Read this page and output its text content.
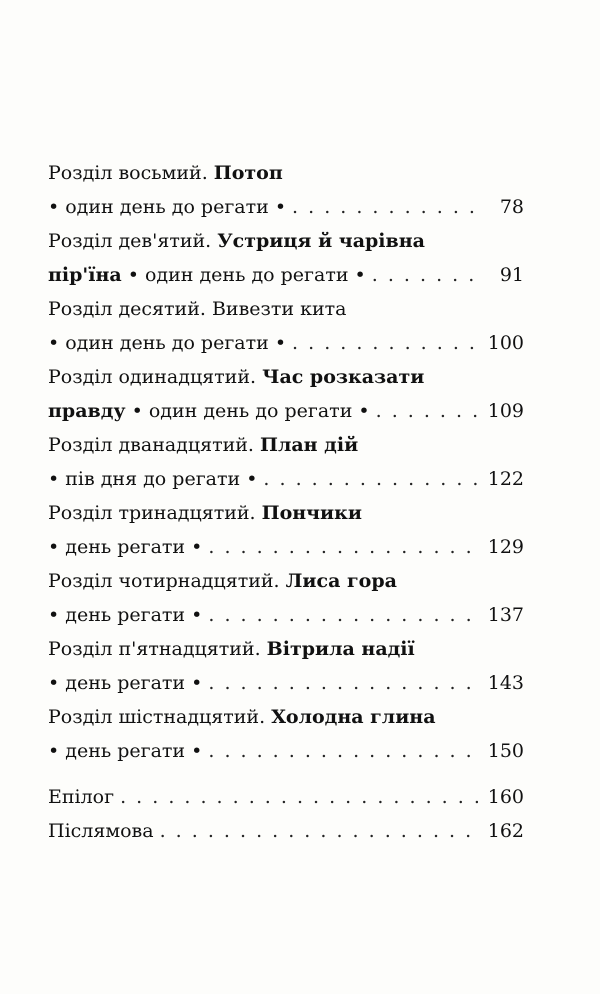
Розділ восьмий. Потоп
• один день до регати • . . .	78
Розділ дев'ятий. Устриця й чарівна
пір'їна • один день до регати • . . .	91
Розділ десятий. Вивезти кита
• один день до регати • . . .	100
Розділ одинадцятий. Час розказати
правду • один день до регати • . . .	109
Розділ дванадцятий. План дій
• пів дня до регати • . . .	122
Розділ тринадцятий. Пончики
• день регати • . . .	129
Розділ чотирнадцятий. Лиса гора
• день регати • . . .	137
Розділ п'ятнадцятий. Вітрила надії
• день регати • . . .	143
Розділ шістнадцятий. Холодна глина
• день регати • . . .	150
Епілог . . .	160
Післямова . . .	162
